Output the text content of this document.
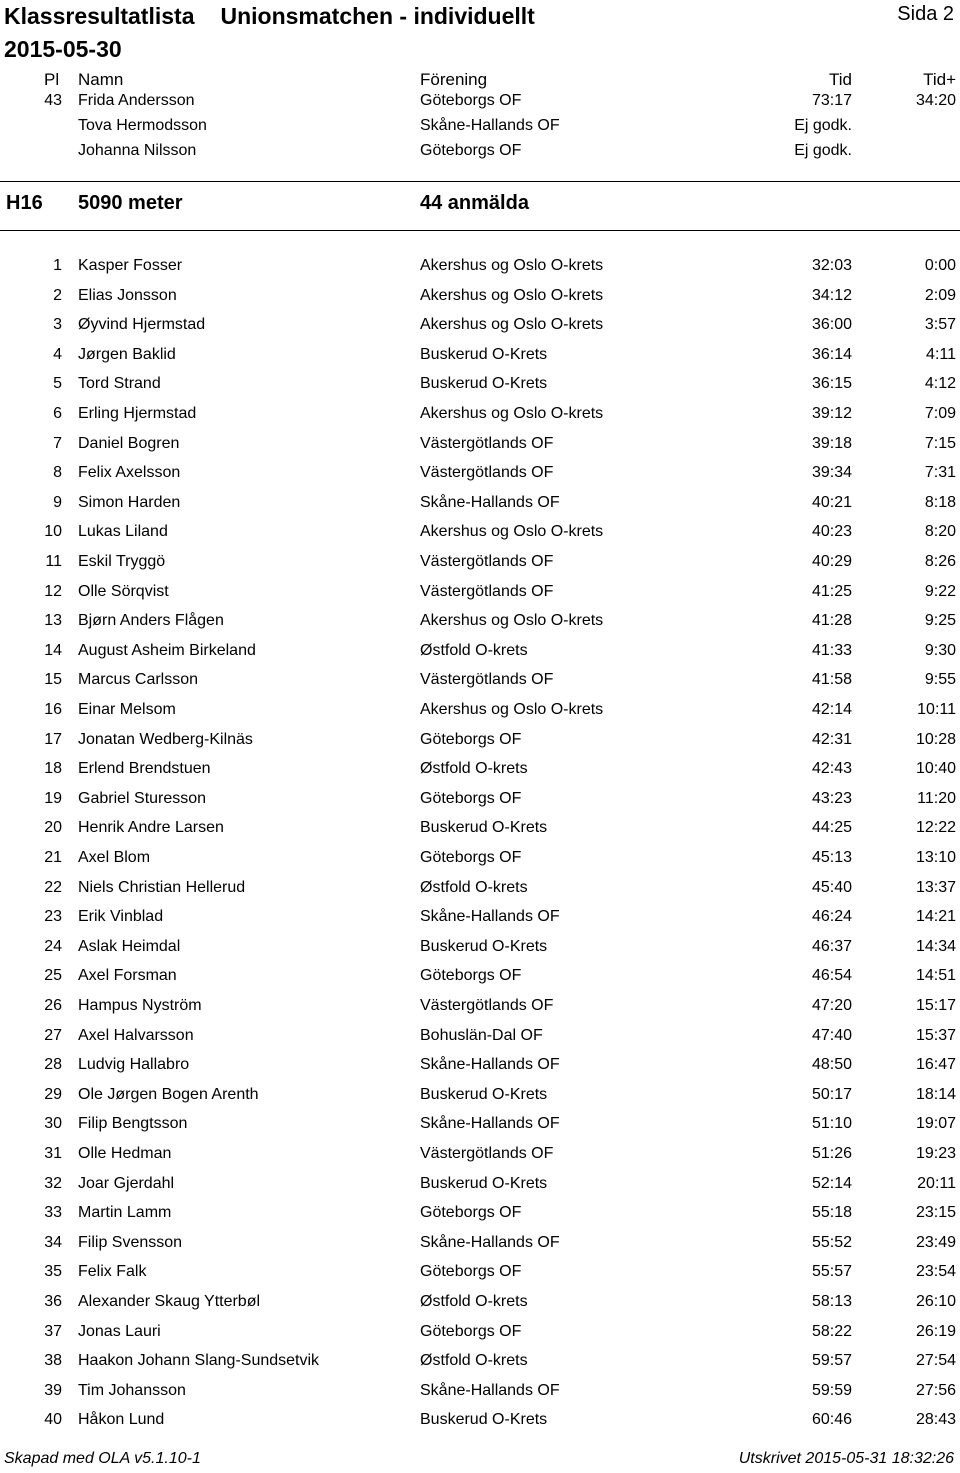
Klassresultatlista Unionsmatchen - individuellt
2015-05-30
Sida 2
Pl Namn	Förening	Tid	Tid+
43 Frida Andersson	Göteborgs OF	73:17	34:20
Tova Hermodsson	Skåne-Hallands OF	Ej godk.
Johanna Nilsson	Göteborgs OF	Ej godk.
H16 5090 meter	44 anmälda
1 Kasper Fosser	Akershus og Oslo O-krets	32:03	0:00
2 Elias Jonsson	Akershus og Oslo O-krets	34:12	2:09
3 Øyvind Hjermstad	Akershus og Oslo O-krets	36:00	3:57
4 Jørgen Baklid	Buskerud O-Krets	36:14	4:11
5 Tord Strand	Buskerud O-Krets	36:15	4:12
6 Erling Hjermstad	Akershus og Oslo O-krets	39:12	7:09
7 Daniel Bogren	Västergötlands OF	39:18	7:15
8 Felix Axelsson	Västergötlands OF	39:34	7:31
9 Simon Harden	Skåne-Hallands OF	40:21	8:18
10 Lukas Liland	Akershus og Oslo O-krets	40:23	8:20
11 Eskil Tryggö	Västergötlands OF	40:29	8:26
12 Olle Sörqvist	Västergötlands OF	41:25	9:22
13 Bjørn Anders Flågen	Akershus og Oslo O-krets	41:28	9:25
14 August Asheim Birkeland	Østfold O-krets	41:33	9:30
15 Marcus Carlsson	Västergötlands OF	41:58	9:55
16 Einar Melsom	Akershus og Oslo O-krets	42:14	10:11
17 Jonatan Wedberg-Kilnäs	Göteborgs OF	42:31	10:28
18 Erlend Brendstuen	Østfold O-krets	42:43	10:40
19 Gabriel Sturesson	Göteborgs OF	43:23	11:20
20 Henrik Andre Larsen	Buskerud O-Krets	44:25	12:22
21 Axel Blom	Göteborgs OF	45:13	13:10
22 Niels Christian Hellerud	Østfold O-krets	45:40	13:37
23 Erik Vinblad	Skåne-Hallands OF	46:24	14:21
24 Aslak Heimdal	Buskerud O-Krets	46:37	14:34
25 Axel Forsman	Göteborgs OF	46:54	14:51
26 Hampus Nyström	Västergötlands OF	47:20	15:17
27 Axel Halvarsson	Bohuslän-Dal OF	47:40	15:37
28 Ludvig Hallabro	Skåne-Hallands OF	48:50	16:47
29 Ole Jørgen Bogen Arenth	Buskerud O-Krets	50:17	18:14
30 Filip Bengtsson	Skåne-Hallands OF	51:10	19:07
31 Olle Hedman	Västergötlands OF	51:26	19:23
32 Joar Gjerdahl	Buskerud O-Krets	52:14	20:11
33 Martin Lamm	Göteborgs OF	55:18	23:15
34 Filip Svensson	Skåne-Hallands OF	55:52	23:49
35 Felix Falk	Göteborgs OF	55:57	23:54
36 Alexander Skaug Ytterbøl	Østfold O-krets	58:13	26:10
37 Jonas Lauri	Göteborgs OF	58:22	26:19
38 Haakon Johann Slang-Sundsetvik	Østfold O-krets	59:57	27:54
39 Tim Johansson	Skåne-Hallands OF	59:59	27:56
40 Håkon Lund	Buskerud O-Krets	60:46	28:43
Skapad med OLA v5.1.10-1	Utskrivet 2015-05-31 18:32:26
